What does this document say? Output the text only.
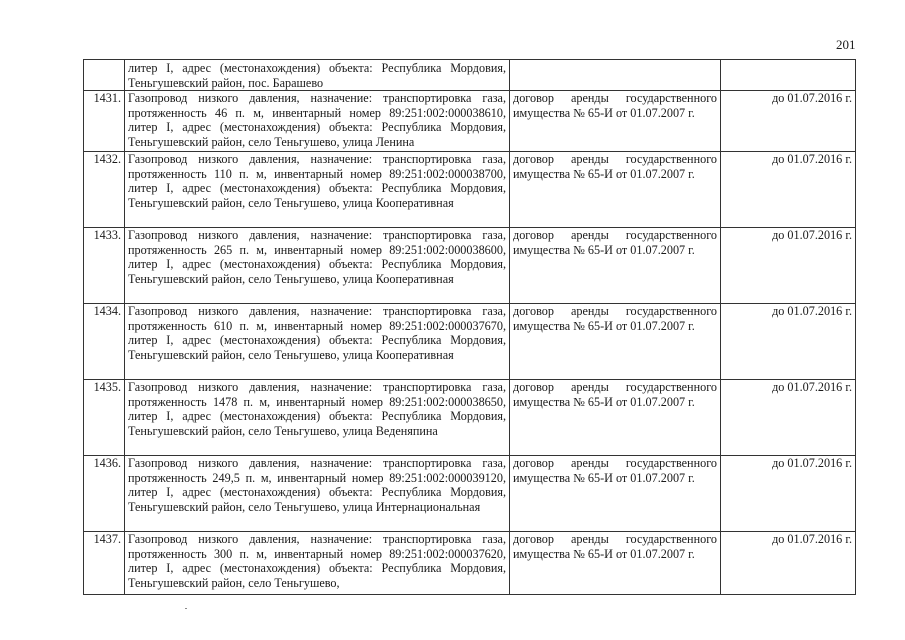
201
	литер I, адрес (местонахождения) объекта: Республика Мордовия, Теньгушевский район, пос. Барашево		
1431.	Газопровод низкого давления, назначение: транспортировка газа, протяженность 46 п. м, инвентарный номер 89:251:002:000038610, литер I, адрес (местонахождения) объекта: Республика Мордовия, Теньгушевский район, село Теньгушево, улица Ленина	договор аренды государственного имущества № 65-И от 01.07.2007 г.	до 01.07.2016 г.
1432.	Газопровод низкого давления, назначение: транспортировка газа, протяженность 110 п. м, инвентарный номер 89:251:002:000038700, литер I, адрес (местонахождения) объекта: Республика Мордовия, Теньгушевский район, село Теньгушево, улица Кооперативная	договор аренды государственного имущества № 65-И от 01.07.2007 г.	до 01.07.2016 г.
1433.	Газопровод низкого давления, назначение: транспортировка газа, протяженность 265 п. м, инвентарный номер 89:251:002:000038600, литер I, адрес (местонахождения) объекта: Республика Мордовия, Теньгушевский район, село Теньгушево, улица Кооперативная	договор аренды государственного имущества № 65-И от 01.07.2007 г.	до 01.07.2016 г.
1434.	Газопровод низкого давления, назначение: транспортировка газа, протяженность 610 п. м, инвентарный номер 89:251:002:000037670, литер I, адрес (местонахождения) объекта: Республика Мордовия, Теньгушевский район, село Теньгушево, улица Кооперативная	договор аренды государственного имущества № 65-И от 01.07.2007 г.	до 01.07.2016 г.
1435.	Газопровод низкого давления, назначение: транспортировка газа, протяженность 1478 п. м, инвентарный номер 89:251:002:000038650, литер I, адрес (местонахождения) объекта: Республика Мордовия, Теньгушевский район, село Теньгушево, улица Веденяпина	договор аренды государственного имущества № 65-И от 01.07.2007 г.	до 01.07.2016 г.
1436.	Газопровод низкого давления, назначение: транспортировка газа, протяженность 249,5 п. м, инвентарный номер 89:251:002:000039120, литер I, адрес (местонахождения) объекта: Республика Мордовия, Теньгушевский район, село Теньгушево, улица Интернациональная	договор аренды государственного имущества № 65-И от 01.07.2007 г.	до 01.07.2016 г.
1437.	Газопровод низкого давления, назначение: транспортировка газа, протяженность 300 п. м, инвентарный номер 89:251:002:000037620, литер I, адрес (местонахождения) объекта: Республика Мордовия, Теньгушевский район, село Теньгушево,	договор аренды государственного имущества № 65-И от 01.07.2007 г.	до 01.07.2016 г.
